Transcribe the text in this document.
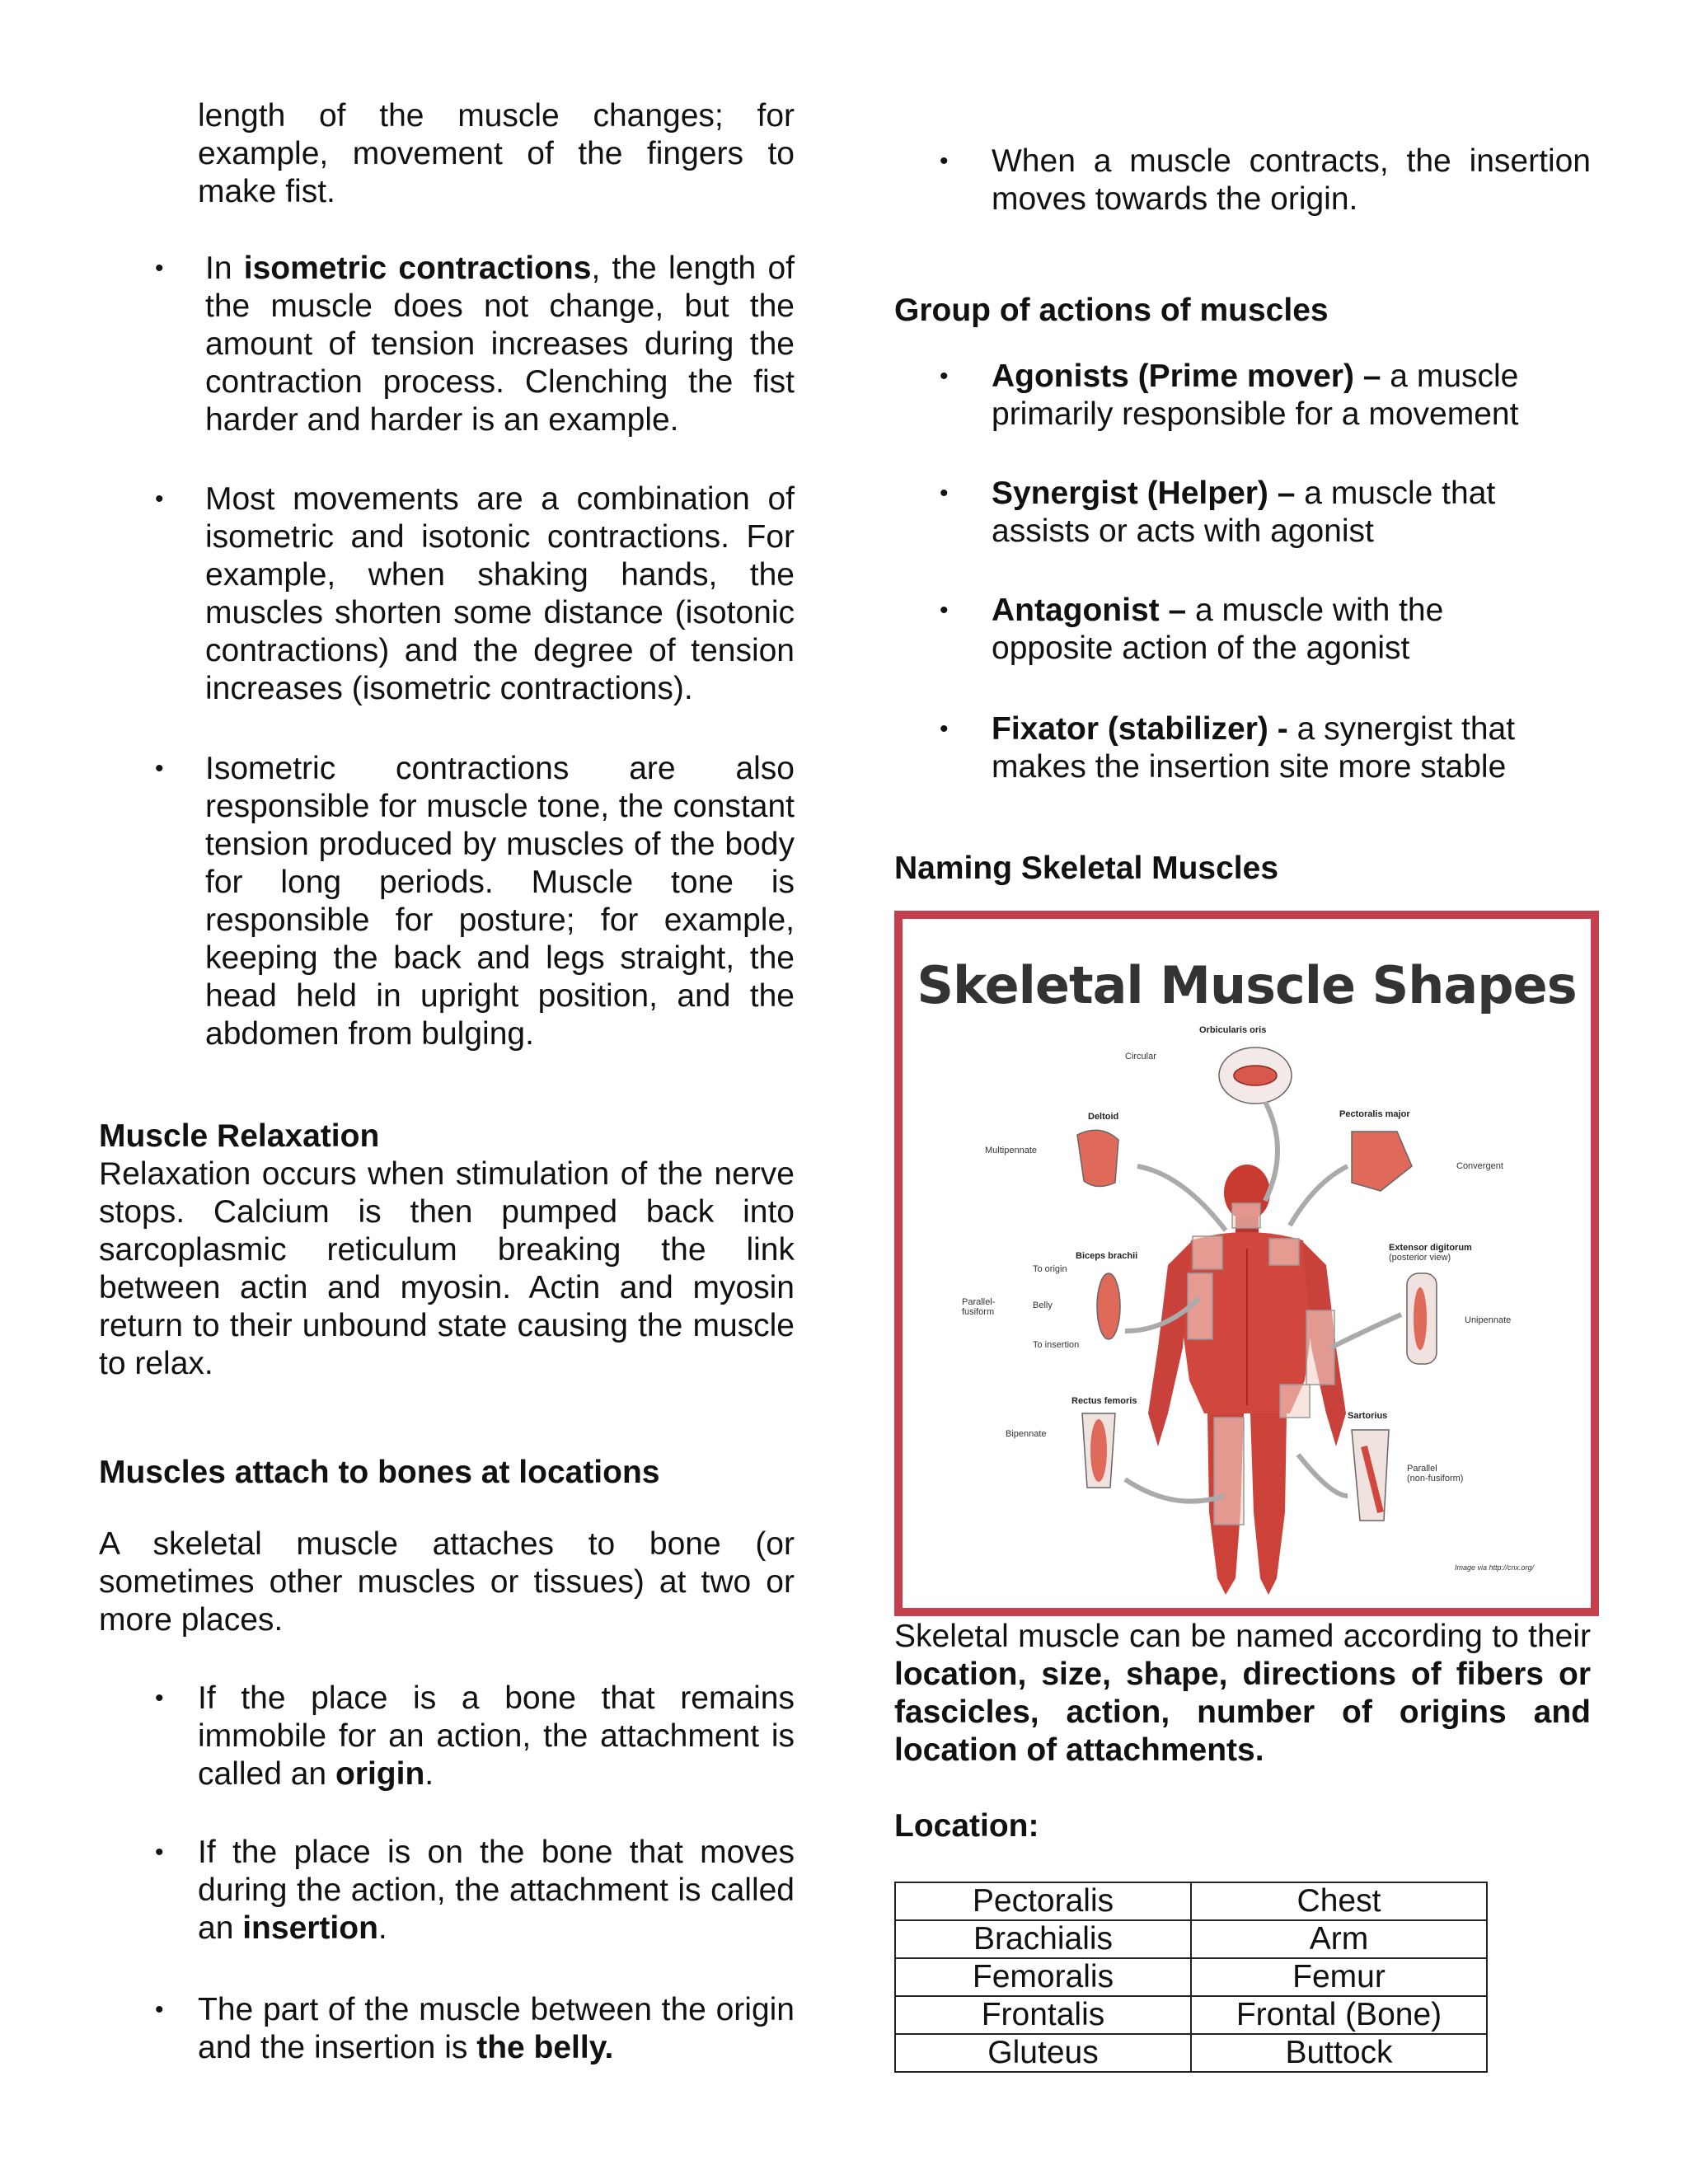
length of the muscle changes; for example, movement of the fingers to make fist.
• In isometric contractions, the length of the muscle does not change, but the amount of tension increases during the contraction process. Clenching the fist harder and harder is an example.
• Most movements are a combination of isometric and isotonic contractions. For example, when shaking hands, the muscles shorten some distance (isotonic contractions) and the degree of tension increases (isometric contractions).
• Isometric contractions are also responsible for muscle tone, the constant tension produced by muscles of the body for long periods. Muscle tone is responsible for posture; for example, keeping the back and legs straight, the head held in upright position, and the abdomen from bulging.
Muscle Relaxation
Relaxation occurs when stimulation of the nerve stops. Calcium is then pumped back into sarcoplasmic reticulum breaking the link between actin and myosin. Actin and myosin return to their unbound state causing the muscle to relax.
Muscles attach to bones at locations
A skeletal muscle attaches to bone (or sometimes other muscles or tissues) at two or more places.
• If the place is a bone that remains immobile for an action, the attachment is called an origin.
• If the place is on the bone that moves during the action, the attachment is called an insertion.
• The part of the muscle between the origin and the insertion is the belly.
• When a muscle contracts, the insertion moves towards the origin.
Group of actions of muscles
• Agonists (Prime mover) – a muscle primarily responsible for a movement
• Synergist (Helper) – a muscle that assists or acts with agonist
• Antagonist – a muscle with the opposite action of the agonist
• Fixator (stabilizer) - a synergist that makes the insertion site more stable
Naming Skeletal Muscles
Skeletal Muscle Shapes
Orbicularis oris
Circular
Deltoid
Multipennate
Pectoralis major
Convergent
Biceps brachii
To origin
Belly
To insertion
Parallel-
fusiform
Extensor digitorum
(posterior view)
Unipennate
Rectus femoris
Bipennate
Sartorius
Parallel
(non-fusiform)
Image via http://cnx.org/
Skeletal muscle can be named according to their location, size, shape, directions of fibers or fascicles, action, number of origins and location of attachments.
Location:
Pectoralis	Chest
Brachialis	Arm
Femoralis	Femur
Frontalis	Frontal (Bone)
Gluteus	Buttock
